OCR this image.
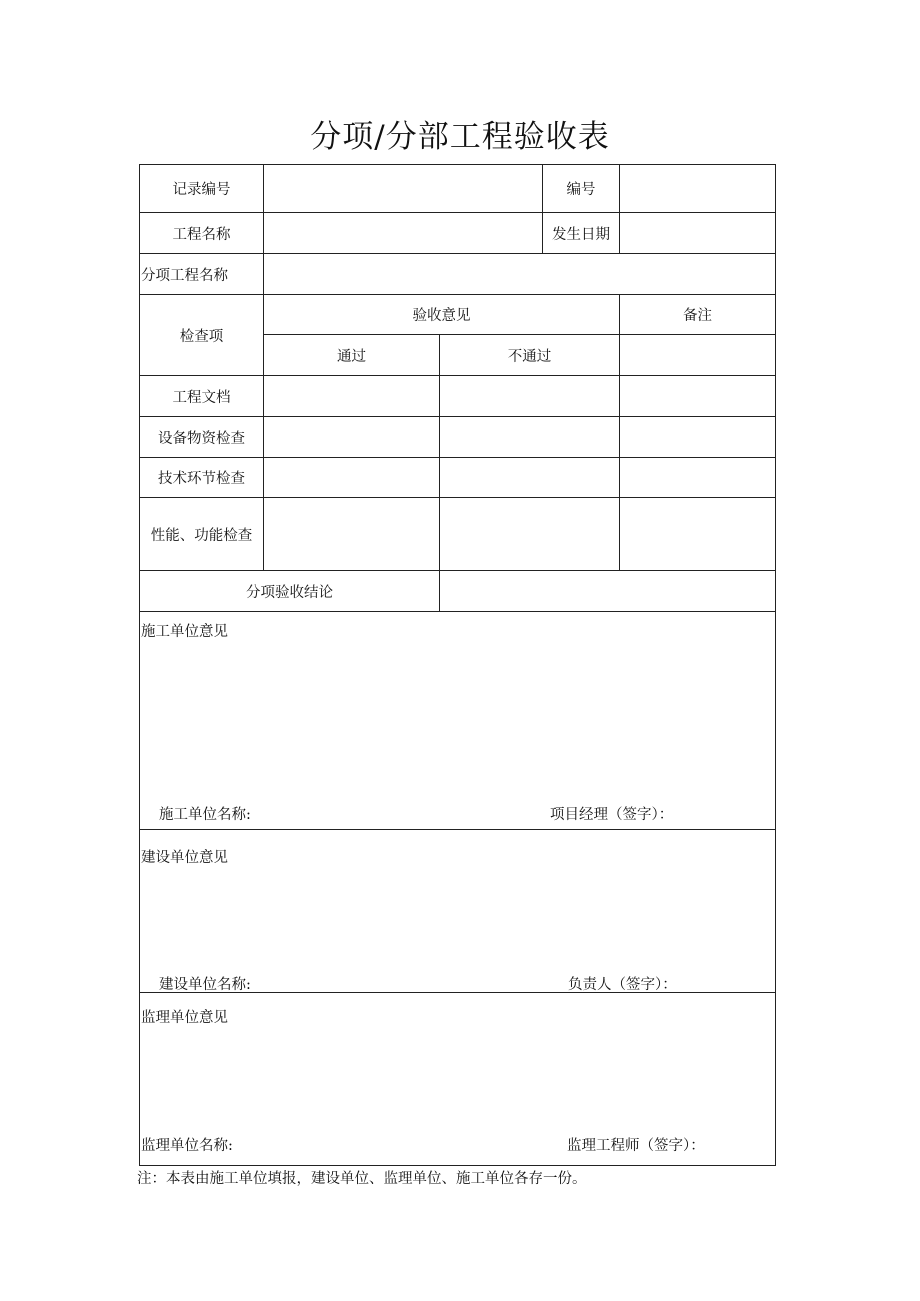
分项/分部工程验收表
记录编号	编号
工程名称	发生日期
分项工程名称
检查项
验收意见	备注
通过	不通过
工程文档
设备物资检查
技术环节检查
性能、功能检查
分项验收结论
施工单位意见
施工单位名称:	项目经理（签字）：
建设单位意见
建设单位名称:	负责人（签字）：
监理单位意见
监理单位名称:	监理工程师（签字）：
注：本表由施工单位填报，建设单位、监理单位、施工单位各存一份。
